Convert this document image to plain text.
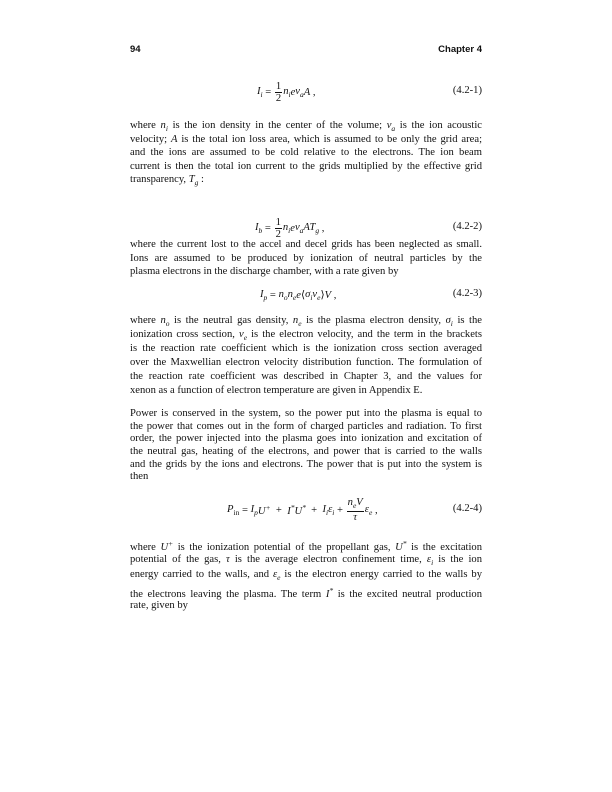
94	Chapter 4
$I_i = \frac{1}{2} n_i$ e $v_a$ A ,	(4.2-1)
where $n_i$ is the ion density in the center of the volume; $v_a$ is the ion acoustic
velocity; A is the total ion loss area, which is assumed to be only the grid area;
and the ions are assumed to be cold relative to the electrons. The ion beam
current is then the total ion current to the grids multiplied by the effective grid
transparency, $T_g$ :
$I_b = \frac{1}{2} n_i$ e $v_a$ $AT_g$ ,	(4.2-2)
where the current lost to the accel and decel grids has been neglected as small.
Ions are assumed to be produced by ionization of neutral particles by the
plasma electrons in the discharge chamber, with a rate given by
$I_p = n_o$ $n_e$ e ⟨ $\sigma_i$ $v_e$ ⟩ V ,	(4.2-3)
where $n_o$ is the neutral gas density, $n_e$ is the plasma electron density, $\sigma_i$ is the
ionization cross section, $v_e$ is the electron velocity, and the term in the brackets
is the reaction rate coefficient which is the ionization cross section averaged
over the Maxwellian electron velocity distribution function. The formulation of
the reaction rate coefficient was described in Chapter 3, and the values for
xenon as a function of electron temperature are given in Appendix E.
Power is conserved in the system, so the power put into the plasma is equal to
the power that comes out in the form of charged particles and radiation. To first
order, the power injected into the plasma goes into ionization and excitation of
the neutral gas, heating of the electrons, and power that is carried to the walls
and the grids by the ions and electrons. The power that is put into the system is
then
$P_{in} = I_p$ U+ + I* $U^* + I_i$ $\varepsilon_i + \frac{n_eV}{\tau} \varepsilon_e$ ,	(4.2-4)
where U+ is the ionization potential of the propellant gas, U* is the excitation
potential of the gas, τ is the average electron confinement time, $\varepsilon_i$ is the ion
energy carried to the walls, and $\varepsilon_e$ is the electron energy carried to the walls by
the electrons leaving the plasma. The term I* is the excited neutral production
rate, given by
